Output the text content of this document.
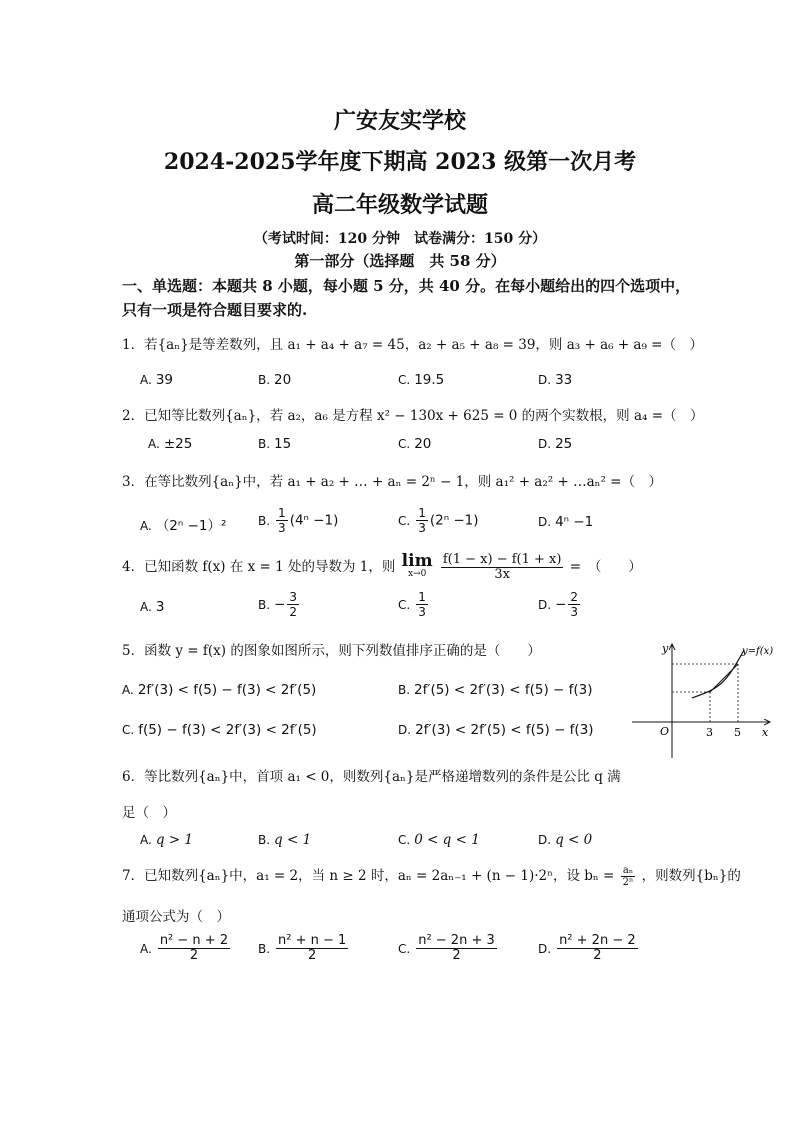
广安友实学校
2024-2025学年度下期高 2023 级第一次月考
高二年级数学试题
（考试时间：120 分钟　试卷满分：150 分）
第一部分（选择题　共 58 分）
一、单选题：本题共 8 小题，每小题 5 分，共 40 分。在每小题给出的四个选项中，只有一项是符合题目要求的.
1．若{aₙ}是等差数列，且 a₁ + a₄ + a₇ = 45，a₂ + a₅ + a₈ = 39，则 a₃ + a₆ + a₉ =（　）
A. 39	B. 20	C. 19.5	D. 33
2．已知等比数列{aₙ}，若 a₂，a₆ 是方程 x² − 130x + 625 = 0 的两个实数根，则 a₄ =（　）
A. ±25	B. 15	C. 20	D. 25
3．在等比数列{aₙ}中，若 a₁ + a₂ + … + aₙ = 2ⁿ − 1，则 a₁² + a₂² + …aₙ² =（　）
A. （2ⁿ −1）²	B. $\frac{1}{3} (4^n -1)$	C. $\frac{1}{3} (2^n -1)$	D. 4ⁿ −1
4．已知函数 f(x) 在 x = 1 处的导数为 1，则 lim
x→0
	$\frac{f(1 - x) - f(1 + x)}{3x}$ =　（　　）
A. 3	B. − $\frac{3}{2}$	C. $\frac{1}{3}$	D. − $\frac{2}{3}$
5．函数 y = f(x) 的图象如图所示，则下列数值排序正确的是（　　）
A. 2f′(3) < f(5) − f(3) < 2f′(5)	B. 2f′(5) < 2f′(3) < f(5) − f(3)
C. f(5) − f(3) < 2f′(3) < 2f′(5)	D. 2f′(3) < 2f′(5) < f(5) − f(3)
y
x
O
y=f(x)
3 5
6．等比数列{aₙ}中，首项 a₁ < 0，则数列{aₙ}是严格递增数列的条件是公比 q 满
足（　）
A. q > 1	B. q < 1	C. 0 < q < 1	D. q < 0
7．已知数列{aₙ}中，a₁ = 2，当 n ≥ 2 时，aₙ = 2aₙ₋₁ + (n − 1)·2ⁿ，设 $b_n = \frac{\text{aₙ}}{\text{2ⁿ}}$ ，则数列{bₙ}的
通项公式为（　）
A. $\frac{\text{n² − n + 2}}{2} B$. $\frac{\text{n² + n − 1}}{2}$	C. $\frac{\text{n² − 2n + 3}}{2}$	D. $\frac{\text{n² + 2n − 2}}{2}$
